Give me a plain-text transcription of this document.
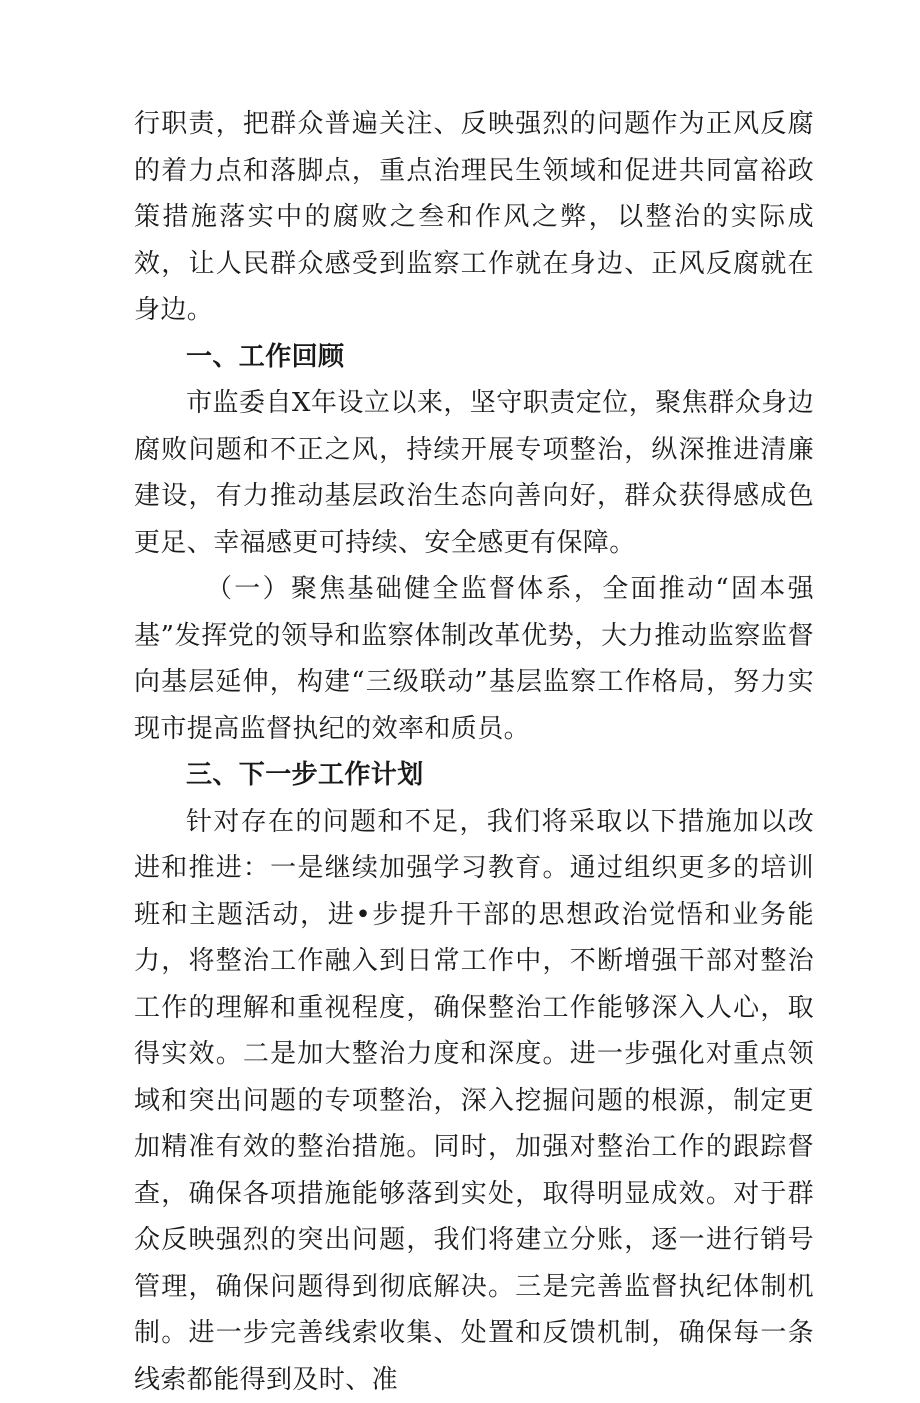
行职责，把群众普遍关注、反映强烈的问题作为正风反腐的着力点和落脚点，重点治理民生领域和促进共同富裕政策措施落实中的腐败之叁和作风之弊，以整治的实际成效，让人民群众感受到监察工作就在身边、正风反腐就在身边。

一、工作回顾

市监委自X年设立以来，坚守职责定位，聚焦群众身边腐败问题和不正之风，持续开展专项整治，纵深推进清廉建设，有力推动基层政治生态向善向好，群众获得感成色更足、幸福感更可持续、安全感更有保障。

（一）聚焦基础健全监督体系，全面推动“固本强基”发挥党的领导和监察体制改革优势，大力推动监察监督向基层延伸，构建“三级联动”基层监察工作格局，努力实现市提高监督执纪的效率和质员。

三、下一步工作计划

针对存在的问题和不足，我们将采取以下措施加以改进和推进：一是继续加强学习教育。通过组织更多的培训班和主题活动，进•步提升干部的思想政治觉悟和业务能力，将整治工作融入到日常工作中，不断增强干部对整治工作的理解和重视程度，确保整治工作能够深入人心，取得实效。二是加大整治力度和深度。进一步强化对重点领域和突出问题的专项整治，深入挖掘问题的根源，制定更加精准有效的整治措施。同时，加强对整治工作的跟踪督查，确保各项措施能够落到实处，取得明显成效。对于群众反映强烈的突出问题，我们将建立分账，逐一进行销号管理，确保问题得到彻底解决。三是完善监督执纪体制机制。进一步完善线索收集、处置和反馈机制，确保每一条线索都能得到及时、准
